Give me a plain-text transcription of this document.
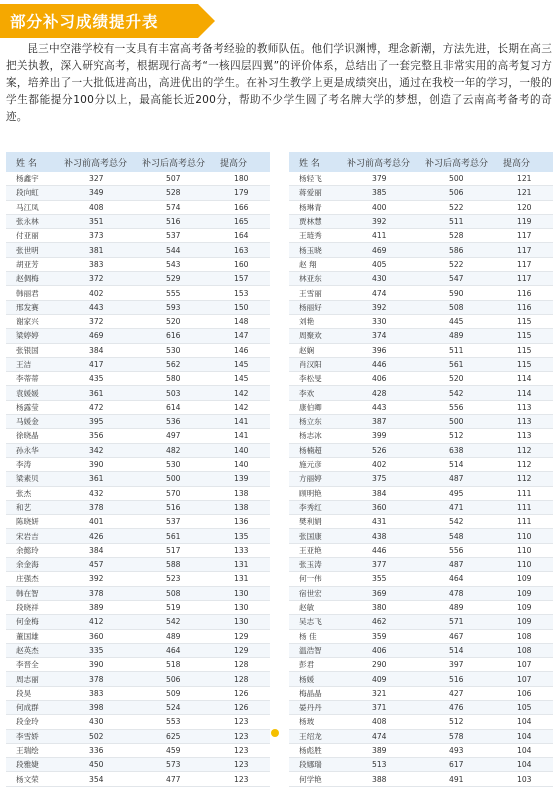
部分补习成绩提升表
昆三中空港学校有一支具有丰富高考备考经验的教师队伍。他们学识渊博，理念新潮，方法先进，长期在高三把关执教，深入研究高考，根据现行高考“一核四层四翼”的评价体系，总结出了一套完整且非常实用的高考复习方案，培养出了一大批低进高出，高进优出的学生。在补习生教学上更是成绩突出，通过在我校一年的学习，一般的学生都能提分100分以上，最高能长近200分，帮助不少学生圆了考名牌大学的梦想，创造了云南高考备考的奇迹。
姓 名	补习前高考总分	补习后高考总分	提高分
杨鑫宇	327	507	180
段向虹	349	528	179
马江凤	408	574	166
张永林	351	516	165
付亚丽	373	537	164
张世明	381	544	163
胡亚芳	383	543	160
赵倜梅	372	529	157
韩丽君	402	555	153
邢发赛	443	593	150
谢家兴	372	520	148
梁婷婷	469	616	147
张银国	384	530	146
王洁	417	562	145
李蒂蒂	435	580	145
袁媛媛	361	503	142
杨露莹	472	614	142
马媛金	395	536	141
徐晓晶	356	497	141
孙永华	342	482	140
李涛	390	530	140
梁素贝	361	500	139
张杰	432	570	138
和艺	378	516	138
陈晓妍	401	537	136
宋岩吉	426	561	135
余懿玲	384	517	133
余金海	457	588	131
庄强杰	392	523	131
韩在智	378	508	130
段晓祥	389	519	130
何金梅	412	542	130
董国雄	360	489	129
赵英杰	335	464	129
李晋全	390	518	128
周志丽	378	506	128
段昊	383	509	126
何成群	398	524	126
段金玲	430	553	123
李雪娇	502	625	123
王瑞绘	336	459	123
段雅婕	450	573	123
杨文荣	354	477	123
姓 名	补习前高考总分	补习后高考总分	提高分
杨轻飞	379	500	121
蒋爱丽	385	506	121
杨琳青	400	522	120
贾林慧	392	511	119
王琏秀	411	528	117
杨玉晓	469	586	117
赵 翔	405	522	117
林亚东	430	547	117
王雪丽	474	590	116
杨丽好	392	508	116
刘艳	330	445	115
周聚欢	374	489	115
赵娴	396	511	115
肖汉阳	446	561	115
李松旻	406	520	114
李欢	428	542	114
康伯卿	443	556	113
杨立东	387	500	113
杨志冰	399	512	113
杨楠超	526	638	112
施元彦	402	514	112
方丽婷	375	487	112
顾明艳	384	495	111
李秀红	360	471	111
樊利娟	431	542	111
张国康	438	548	110
王亚艳	446	556	110
张玉涛	377	487	110
何一伟	355	464	109
宿世宏	369	478	109
赵敏	380	489	109
吴志飞	462	571	109
杨 佳	359	467	108
温浩智	406	514	108
彭君	290	397	107
杨媛	409	516	107
梅晶晶	321	427	106
晏丹丹	371	476	105
杨玻	408	512	104
王绍龙	474	578	104
杨彪胜	389	493	104
段娜瑞	513	617	104
何学艳	388	491	103
